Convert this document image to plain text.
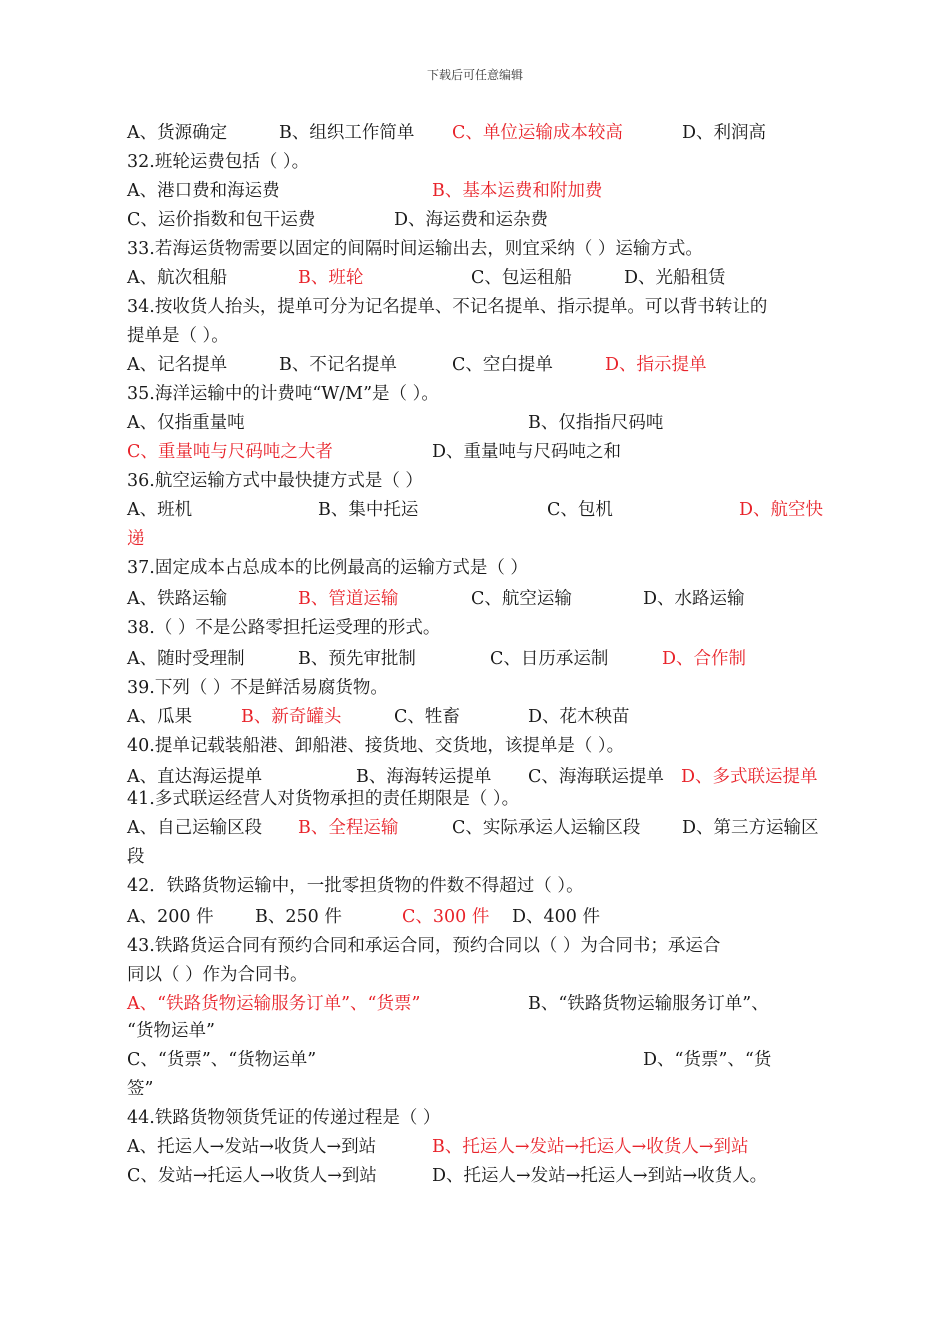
下载后可任意编辑
A、货源确定	B、组织工作简单 C、单位运输成本较高	D、利润高
32.班轮运费包括（ ）。
A、港口费和海运费	B、基本运费和附加费
C、运价指数和包干运费	D、海运费和运杂费
33.若海运货物需要以固定的间隔时间运输出去，则宜采纳（ ）运输方式。
A、航次租船	B、班轮	C、包运租船	D、光船租赁
34.按收货人抬头，提单可分为记名提单、不记名提单、指示提单。可以背书转让的
提单是（ ）。
A、记名提单	B、不记名提单	C、空白提单	D、指示提单
35.海洋运输中的计费吨“W/M”是（ ）。
A、仅指重量吨	B、仅指指尺码吨
C、重量吨与尺码吨之大者	D、重量吨与尺码吨之和
36.航空运输方式中最快捷方式是（ ）
A、班机	B、集中托运	C、包机	D、航空快
递
37.固定成本占总成本的比例最高的运输方式是（ ）
A、铁路运输	B、管道运输	C、航空运输	D、水路运输
38.（ ）不是公路零担托运受理的形式。
A、随时受理制	B、预先审批制	C、日历承运制	D、合作制
39.下列（ ）不是鲜活易腐货物。
A、瓜果	B、新奇罐头	C、牲畜	D、花木秧苗
40.提单记载装船港、卸船港、接货地、交货地，该提单是（ ）。
A、直达海运提单	B、海海转运提单 C、海海联运提单 D、多式联运提单
41.多式联运经营人对货物承担的责任期限是（ ）。
A、自己运输区段 B、全程运输	C、实际承运人运输区段 D、第三方运输区
段
42．铁路货物运输中，一批零担货物的件数不得超过（ ）。
A、200 件 B、250 件	C、300 件 D、400 件
43.铁路货运合同有预约合同和承运合同，预约合同以（ ）为合同书；承运合
同以（ ）作为合同书。
A、“铁路货物运输服务订单”、“货票”	B、“铁路货物运输服务订单”、
“货物运单”
C、“货票”、“货物运单”	D、“货票”、“货
签”
44.铁路货物领货凭证的传递过程是（ ）
A、托运人→发站→收货人→到站	B、托运人→发站→托运人→收货人→到站
C、发站→托运人→收货人→到站	D、托运人→发站→托运人→到站→收货人。
